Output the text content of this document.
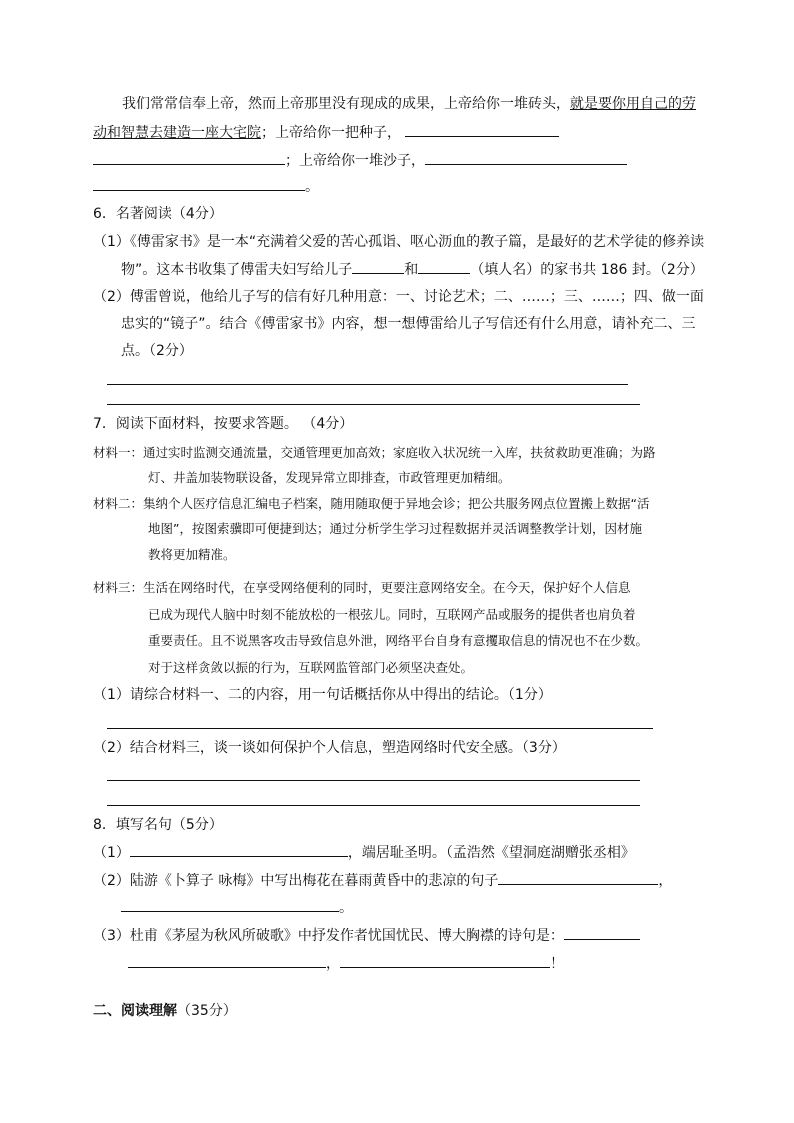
我们常常信奉上帝，然而上帝那里没有现成的成果，上帝给你一堆砖头，就是要你用自己的劳
动和智慧去建造一座大宅院；上帝给你一把种子，
；上帝给你一堆沙子，
。
6．名著阅读（4分）
（1）《傅雷家书》是一本“充满着父爱的苦心孤诣、呕心沥血的教子篇，是最好的艺术学徒的修养读
物”。这本书收集了傅雷夫妇写给儿子	和	（填人名）的家书共 186 封。（2分）
（2）傅雷曾说，他给儿子写的信有好几种用意：一、讨论艺术；二、……；三、……；四、做一面
忠实的“镜子”。结合《傅雷家书》内容，想一想傅雷给儿子写信还有什么用意，请补充二、三
点。（2分）
7．阅读下面材料，按要求答题。 （4分）
材料一：通过实时监测交通流量，交通管理更加高效；家庭收入状况统一入库，扶贫救助更准确；为路
灯、井盖加装物联设备，发现异常立即排查，市政管理更加精细。
材料二：集纳个人医疗信息汇编电子档案，随用随取便于异地会诊；把公共服务网点位置搬上数据“活
地图”，按图索骥即可便捷到达；通过分析学生学习过程数据并灵活调整教学计划，因材施
教将更加精准。
材料三：生活在网络时代，在享受网络便利的同时，更要注意网络安全。在今天，保护好个人信息
已成为现代人脑中时刻不能放松的一根弦儿。同时，互联网产品或服务的提供者也肩负着
重要责任。且不说黑客攻击导致信息外泄，网络平台自身有意攫取信息的情况也不在少数。
对于这样贪敛以振的行为，互联网监管部门必须坚决查处。
（1）请综合材料一、二的内容，用一句话概括你从中得出的结论。（1分）
（2）结合材料三，谈一谈如何保护个人信息，塑造网络时代安全感。（3分）
8．填写名句（5分）
（1）	，端居耻圣明。（孟浩然《望洞庭湖赠张丞相》
（2）陆游《卜算子 咏梅》中写出梅花在暮雨黄昏中的悲凉的句子	，
。
（3）杜甫《茅屋为秋风所破歌》中抒发作者忧国忧民、博大胸襟的诗句是：
，	！
二、阅读理解（35分）
